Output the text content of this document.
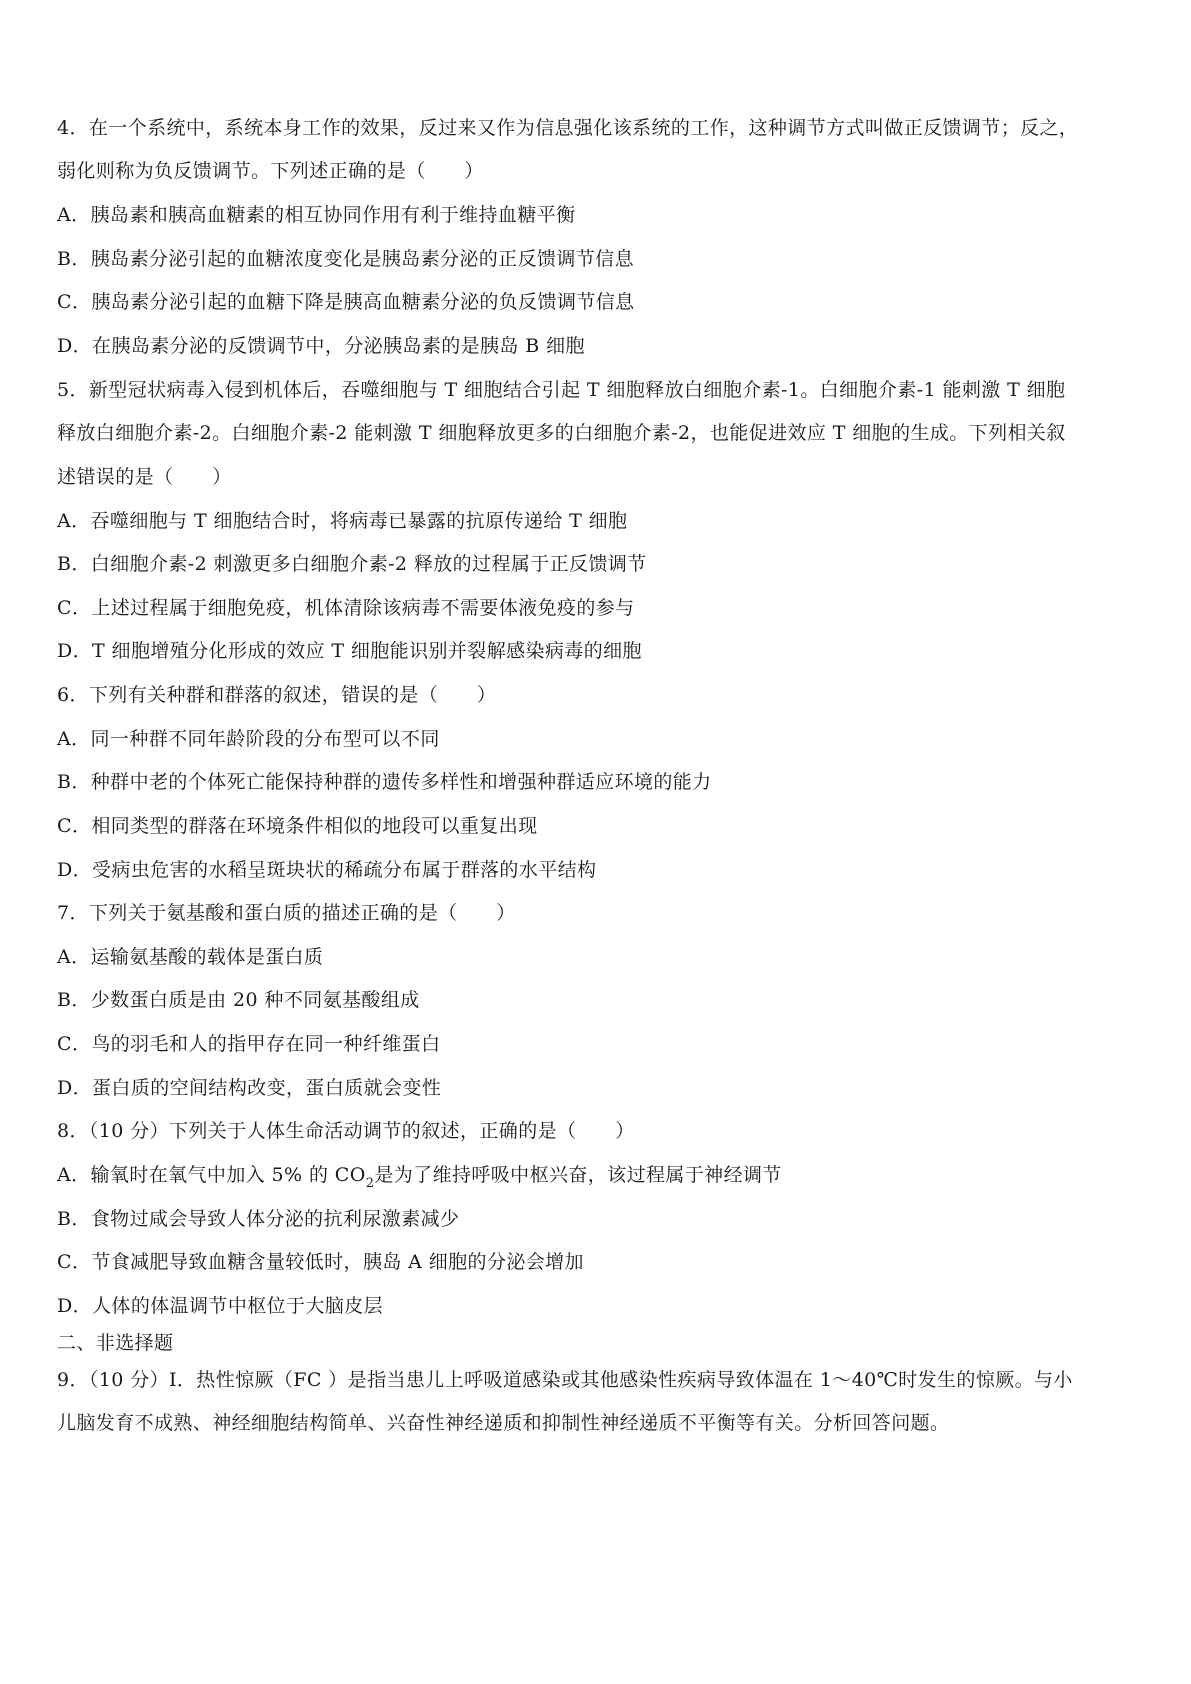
4．在一个系统中，系统本身工作的效果，反过来又作为信息强化该系统的工作，这种调节方式叫做正反馈调节；反之，
弱化则称为负反馈调节。下列述正确的是（　　）
A．胰岛素和胰高血糖素的相互协同作用有利于维持血糖平衡
B．胰岛素分泌引起的血糖浓度变化是胰岛素分泌的正反馈调节信息
C．胰岛素分泌引起的血糖下降是胰高血糖素分泌的负反馈调节信息
D．在胰岛素分泌的反馈调节中，分泌胰岛素的是胰岛 B 细胞
5．新型冠状病毒入侵到机体后，吞噬细胞与 T 细胞结合引起 T 细胞释放白细胞介素-1。白细胞介素-1 能刺激 T 细胞
释放白细胞介素-2。白细胞介素-2 能刺激 T 细胞释放更多的白细胞介素-2，也能促进效应 T 细胞的生成。下列相关叙
述错误的是（　　）
A．吞噬细胞与 T 细胞结合时，将病毒已暴露的抗原传递给 T 细胞
B．白细胞介素-2 刺激更多白细胞介素-2 释放的过程属于正反馈调节
C．上述过程属于细胞免疫，机体清除该病毒不需要体液免疫的参与
D．T 细胞增殖分化形成的效应 T 细胞能识别并裂解感染病毒的细胞
6．下列有关种群和群落的叙述，错误的是（　　）
A．同一种群不同年龄阶段的分布型可以不同
B．种群中老的个体死亡能保持种群的遗传多样性和增强种群适应环境的能力
C．相同类型的群落在环境条件相似的地段可以重复出现
D．受病虫危害的水稻呈斑块状的稀疏分布属于群落的水平结构
7．下列关于氨基酸和蛋白质的描述正确的是（　　）
A．运输氨基酸的载体是蛋白质
B．少数蛋白质是由 20 种不同氨基酸组成
C．鸟的羽毛和人的指甲存在同一种纤维蛋白
D．蛋白质的空间结构改变，蛋白质就会变性
8．（10 分）下列关于人体生命活动调节的叙述，正确的是（　　）
A．输氧时在氧气中加入 5% 的 $CO_2$是为了维持呼吸中枢兴奋，该过程属于神经调节
B．食物过咸会导致人体分泌的抗利尿激素减少
C．节食减肥导致血糖含量较低时，胰岛 A 细胞的分泌会增加
D．人体的体温调节中枢位于大脑皮层
二、非选择题
9．（10 分）Ⅰ．热性惊厥（FC ）是指当患儿上呼吸道感染或其他感染性疾病导致体温在 1～40℃时发生的惊厥。与小
儿脑发育不成熟、神经细胞结构简单、兴奋性神经递质和抑制性神经递质不平衡等有关。分析回答问题。
